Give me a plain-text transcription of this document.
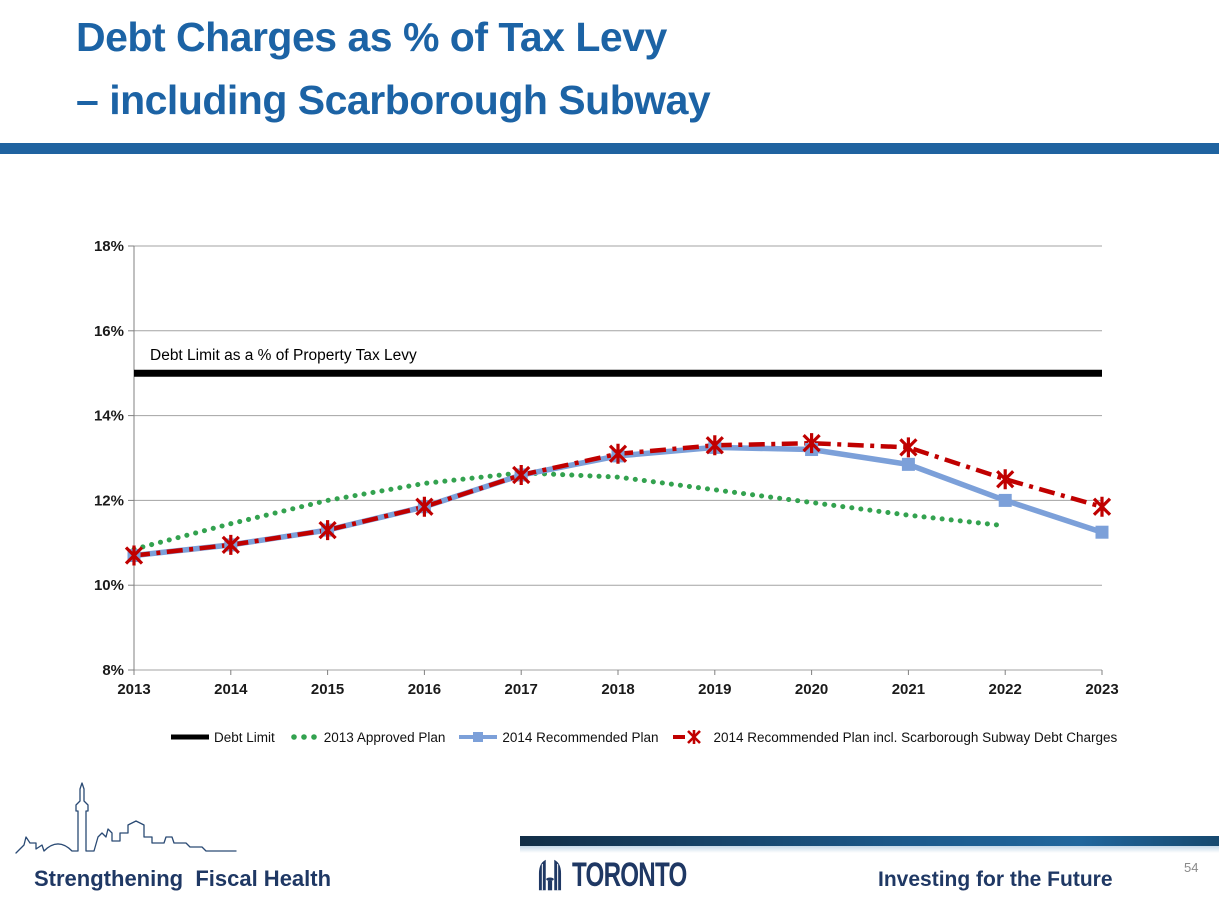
Debt Charges as % of Tax Levy
– including Scarborough Subway
8%
10%
12%
14%
16%
18%
2013	2014	2015	2016	2017	2018	2019	2020	2021	2022	2023
Debt Limit as a % of Property Tax Levy
Debt Limit	2013 Approved Plan	2014 Recommended Plan	2014 Recommended Plan incl. Scarborough Subway Debt Charges
Strengthening  Fiscal Health	TORONTO	Investing for the Future
54
